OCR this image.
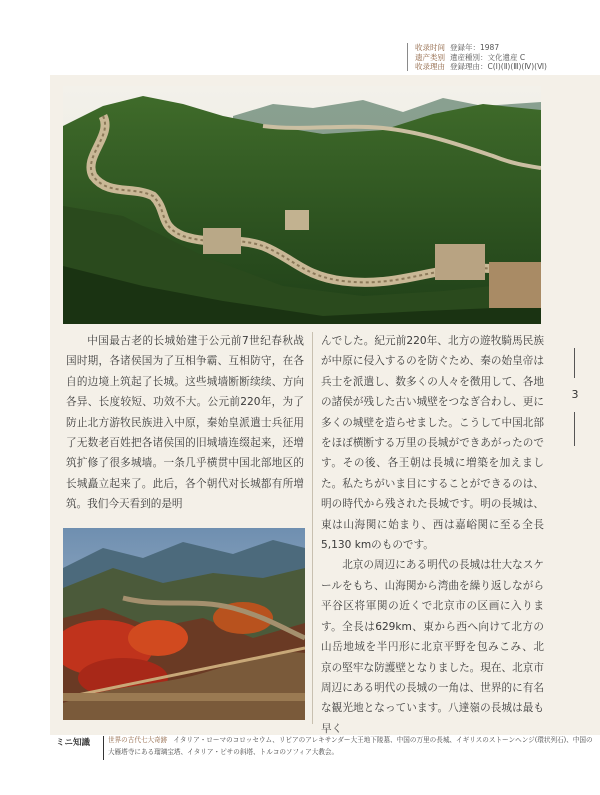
收录时间 登録年：1987
遗产类别 遺産種別：文化遺産 C
收录理由 登録理由：C(Ⅰ)(Ⅱ)(Ⅲ)(Ⅳ)(Ⅵ)

中国最古老的长城始建于公元前7世纪春秋战国时期，各诸侯国为了互相争霸、互相防守，在各自的边境上筑起了长城。这些城墙断断续续、方向各异、长度较短、功效不大。公元前220年，为了防止北方游牧民族进入中原，秦始皇派遣士兵征用了无数老百姓把各诸侯国的旧城墙连缀起来，还增筑扩修了很多城墙。一条几乎横贯中国北部地区的长城矗立起来了。此后，各个朝代对长城都有所增筑。我们今天看到的是明

んでした。紀元前220年、北方の遊牧騎馬民族が中原に侵入するのを防ぐため、秦の始皇帝は兵士を派遣し、数多くの人々を徴用して、各地の諸侯が残した古い城壁をつなぎ合わし、更に多くの城壁を造らせました。こうして中国北部をほぼ横断する万里の長城ができあがったのです。その後、各王朝は長城に増築を加えました。私たちがいま目にすることができるのは、明の時代から残された長城です。明の長城は、東は山海関に始まり、西は嘉峪関に至る全長5,130 kmのものです。

北京の周辺にある明代の長城は壮大なスケールをもち、山海関から湾曲を繰り返しながら平谷区将軍関の近くで北京市の区画に入ります。全長は629km、東から西へ向けて北方の山岳地域を半円形に北京平野を包みこみ、北京の堅牢な防護壁となりました。現在、北京市周辺にある明代の長城の一角は、世界的に有名な観光地となっています。八達嶺の長城は最も早く

3
ミニ知識	世界の古代七大奇跡 イタリア・ローマのコロッセウム、リビアのアレキサンダー大王地下陵墓、中国の万里の長城、イギリスのストーンヘンジ(環状列石)、中国の大雁塔寺にある瑠璃宝塔、イタリア・ピサの斜塔、トルコのソフィア大教会。
